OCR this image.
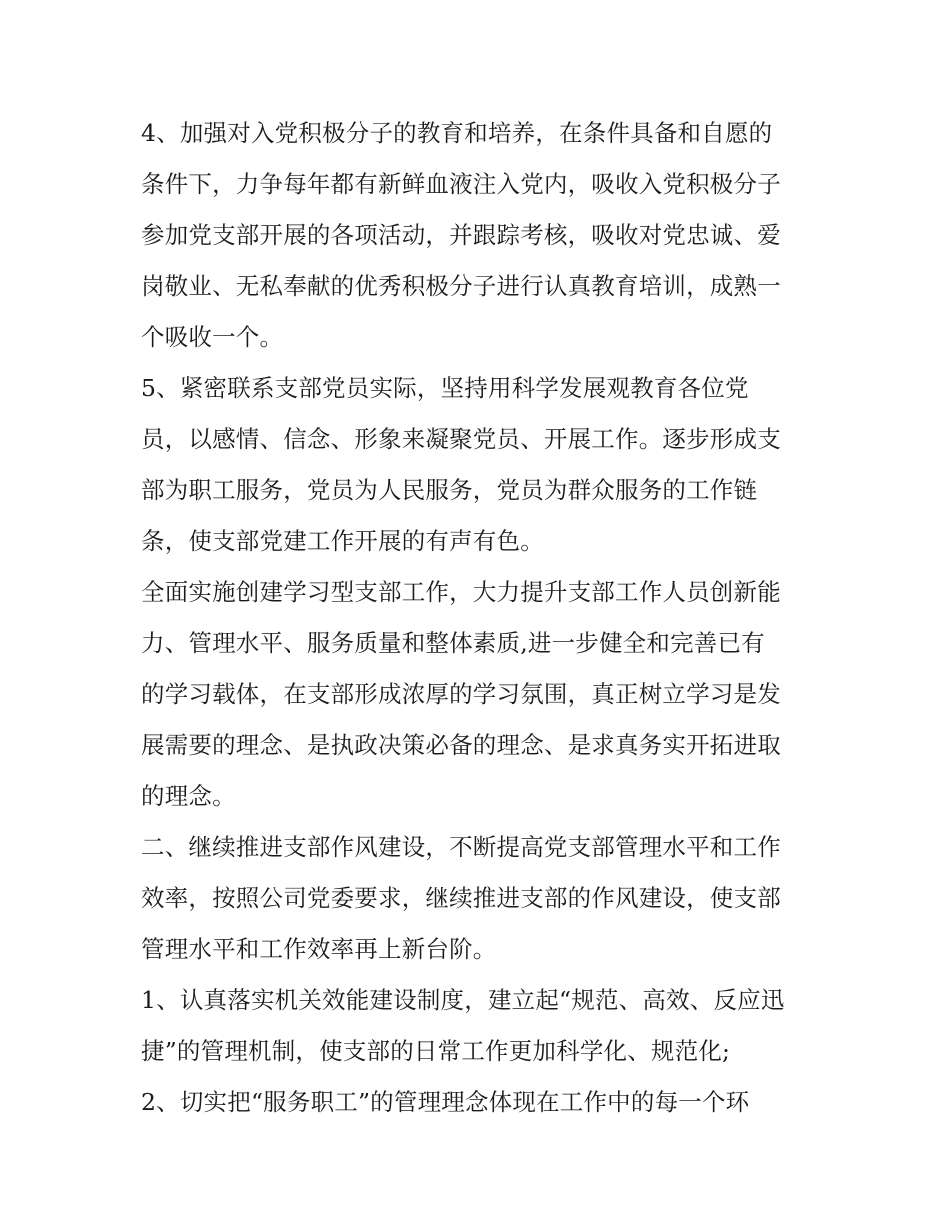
4、加强对入党积极分子的教育和培养，在条件具备和自愿的
条件下，力争每年都有新鲜血液注入党内，吸收入党积极分子
参加党支部开展的各项活动，并跟踪考核，吸收对党忠诚、爱
岗敬业、无私奉献的优秀积极分子进行认真教育培训，成熟一
个吸收一个。
5、紧密联系支部党员实际，坚持用科学发展观教育各位党
员，以感情、信念、形象来凝聚党员、开展工作。逐步形成支
部为职工服务，党员为人民服务，党员为群众服务的工作链
条，使支部党建工作开展的有声有色。
全面实施创建学习型支部工作，大力提升支部工作人员创新能
力、管理水平、服务质量和整体素质,进一步健全和完善已有
的学习载体，在支部形成浓厚的学习氛围，真正树立学习是发
展需要的理念、是执政决策必备的理念、是求真务实开拓进取
的理念。
二、继续推进支部作风建设，不断提高党支部管理水平和工作
效率，按照公司党委要求，继续推进支部的作风建设，使支部
管理水平和工作效率再上新台阶。
1、认真落实机关效能建设制度，建立起“规范、高效、反应迅
捷”的管理机制，使支部的日常工作更加科学化、规范化;
2、切实把“服务职工”的管理理念体现在工作中的每一个环
